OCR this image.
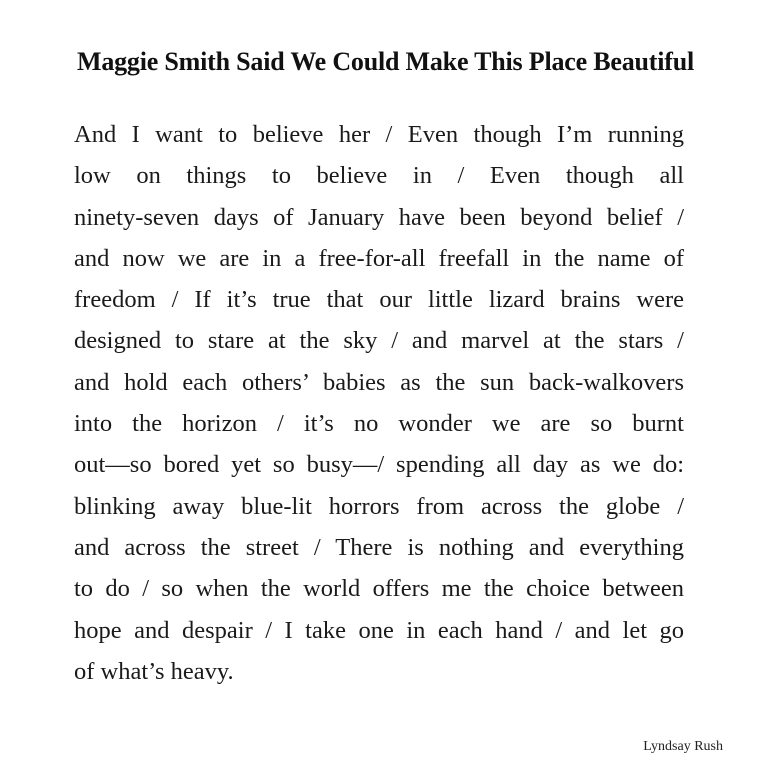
Maggie Smith Said We Could Make This Place Beautiful
And I want to believe her / Even though I’m running
low on things to believe in / Even though all
ninety-seven days of January have been beyond belief /
and now we are in a free-for-all freefall in the name of
freedom / If it’s true that our little lizard brains were
designed to stare at the sky / and marvel at the stars /
and hold each others’ babies as the sun back-walkovers
into the horizon / it’s no wonder we are so burnt
out—so bored yet so busy—/ spending all day as we do:
blinking away blue-lit horrors from across the globe /
and across the street / There is nothing and everything
to do / so when the world offers me the choice between
hope and despair / I take one in each hand / and let go
of what’s heavy.
Lyndsay Rush
